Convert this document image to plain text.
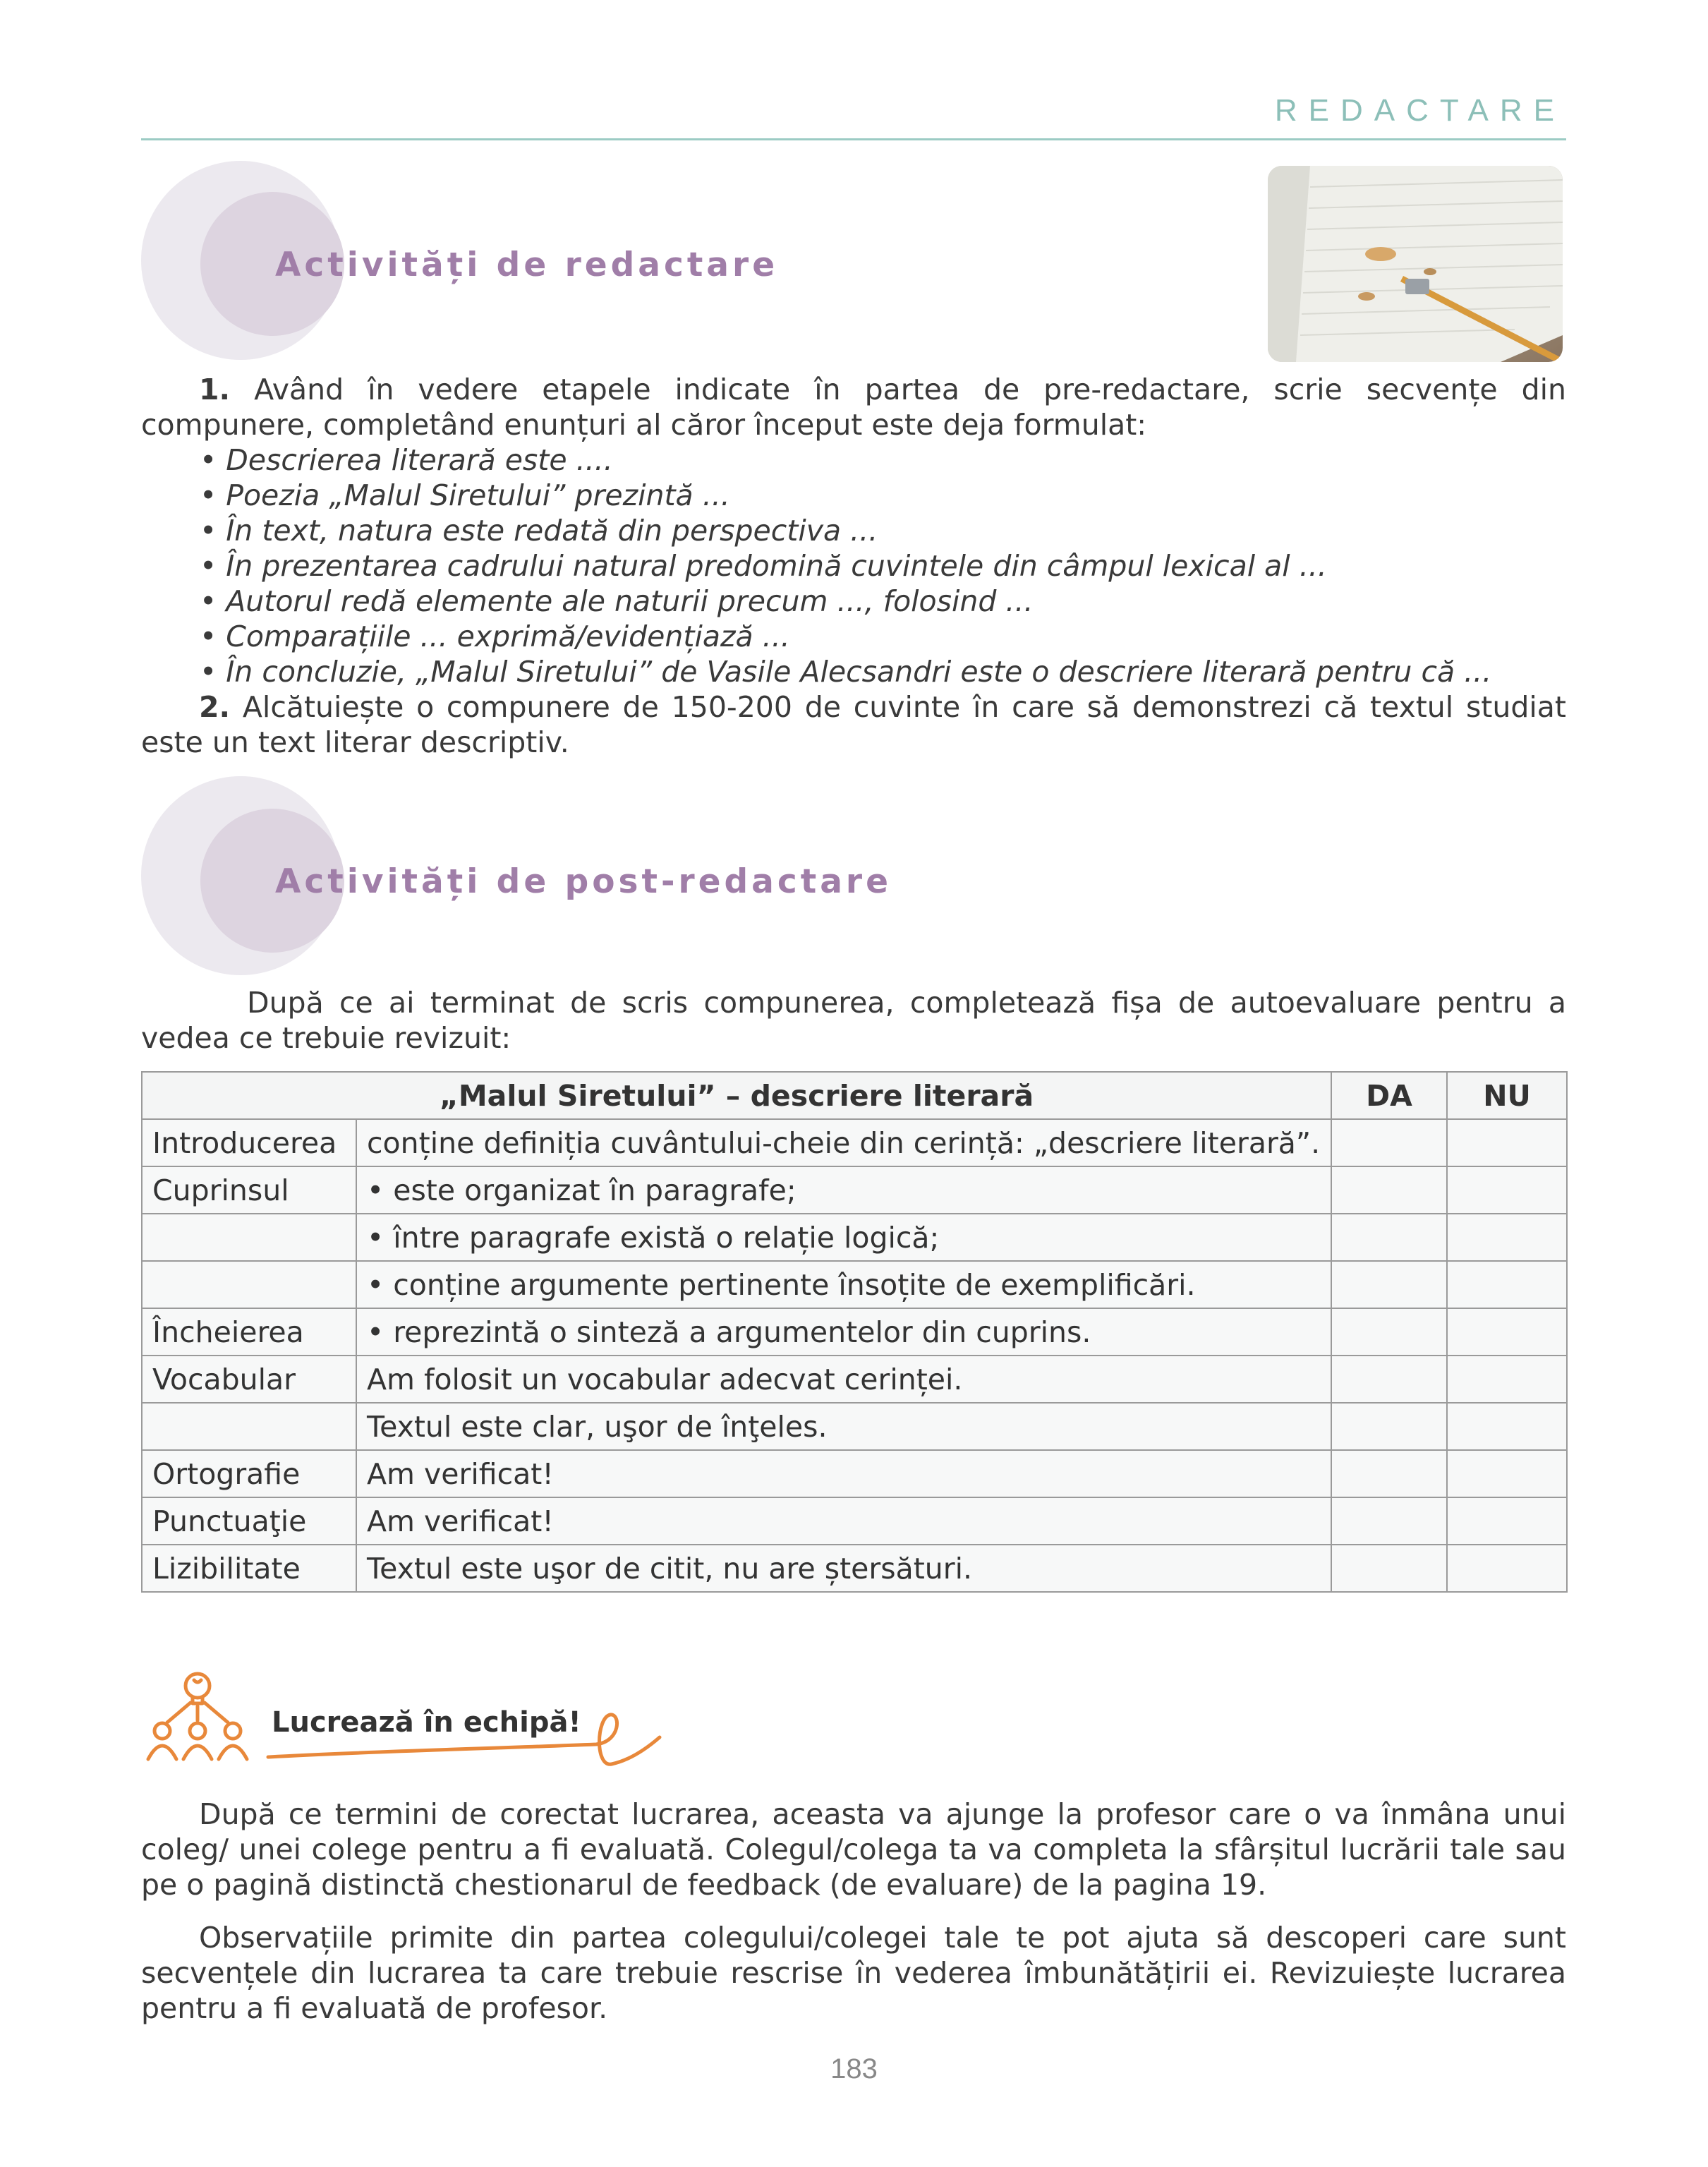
REDACTARE
Activități de redactare
1. Având în vedere etapele indicate în partea de pre-redactare, scrie secvențe din compunere, completând enunțuri al căror început este deja formulat:
• Descrierea literară este ....
• Poezia „Malul Siretului” prezintă ...
• În text, natura este redată din perspectiva ...
• În prezentarea cadrului natural predomină cuvintele din câmpul lexical al ...
• Autorul redă elemente ale naturii precum ..., folosind ...
• Comparațiile ... exprimă/evidențiază ...
• În concluzie, „Malul Siretului” de Vasile Alecsandri este o descriere literară pentru că ...
2. Alcătuiește o compunere de 150-200 de cuvinte în care să demonstrezi că textul studiat este un text literar descriptiv.
Activități de post-redactare
După ce ai terminat de scris compunerea, completează fișa de autoevaluare pentru a vedea ce trebuie revizuit:
„Malul Siretului” – descriere literară		DA	NU
Introducerea	conține definiția cuvântului-cheie din cerință: „descriere literară”.		
Cuprinsul	• este organizat în paragrafe;		
	• între paragrafe există o relație logică;		
	• conține argumente pertinente însoțite de exemplificări.		
Încheierea	• reprezintă o sinteză a argumentelor din cuprins.		
Vocabular	Am folosit un vocabular adecvat cerinței.		
	Textul este clar, uşor de înţeles.		
Ortografie	Am verificat!		
Punctuaţie	Am verificat!		
Lizibilitate	Textul este uşor de citit, nu are ștersături.		
Lucrează în echipă!
După ce termini de corectat lucrarea, aceasta va ajunge la profesor care o va înmâna unui coleg/ unei colege pentru a fi evaluată. Colegul/colega ta va completa la sfârșitul lucrării tale sau pe o pagină distinctă chestionarul de feedback (de evaluare) de la pagina 19.
Observațiile primite din partea colegului/colegei tale te pot ajuta să descoperi care sunt secvențele din lucrarea ta care trebuie rescrise în vederea îmbunătățirii ei. Revizuiește lucrarea pentru a fi evaluată de profesor.
183
